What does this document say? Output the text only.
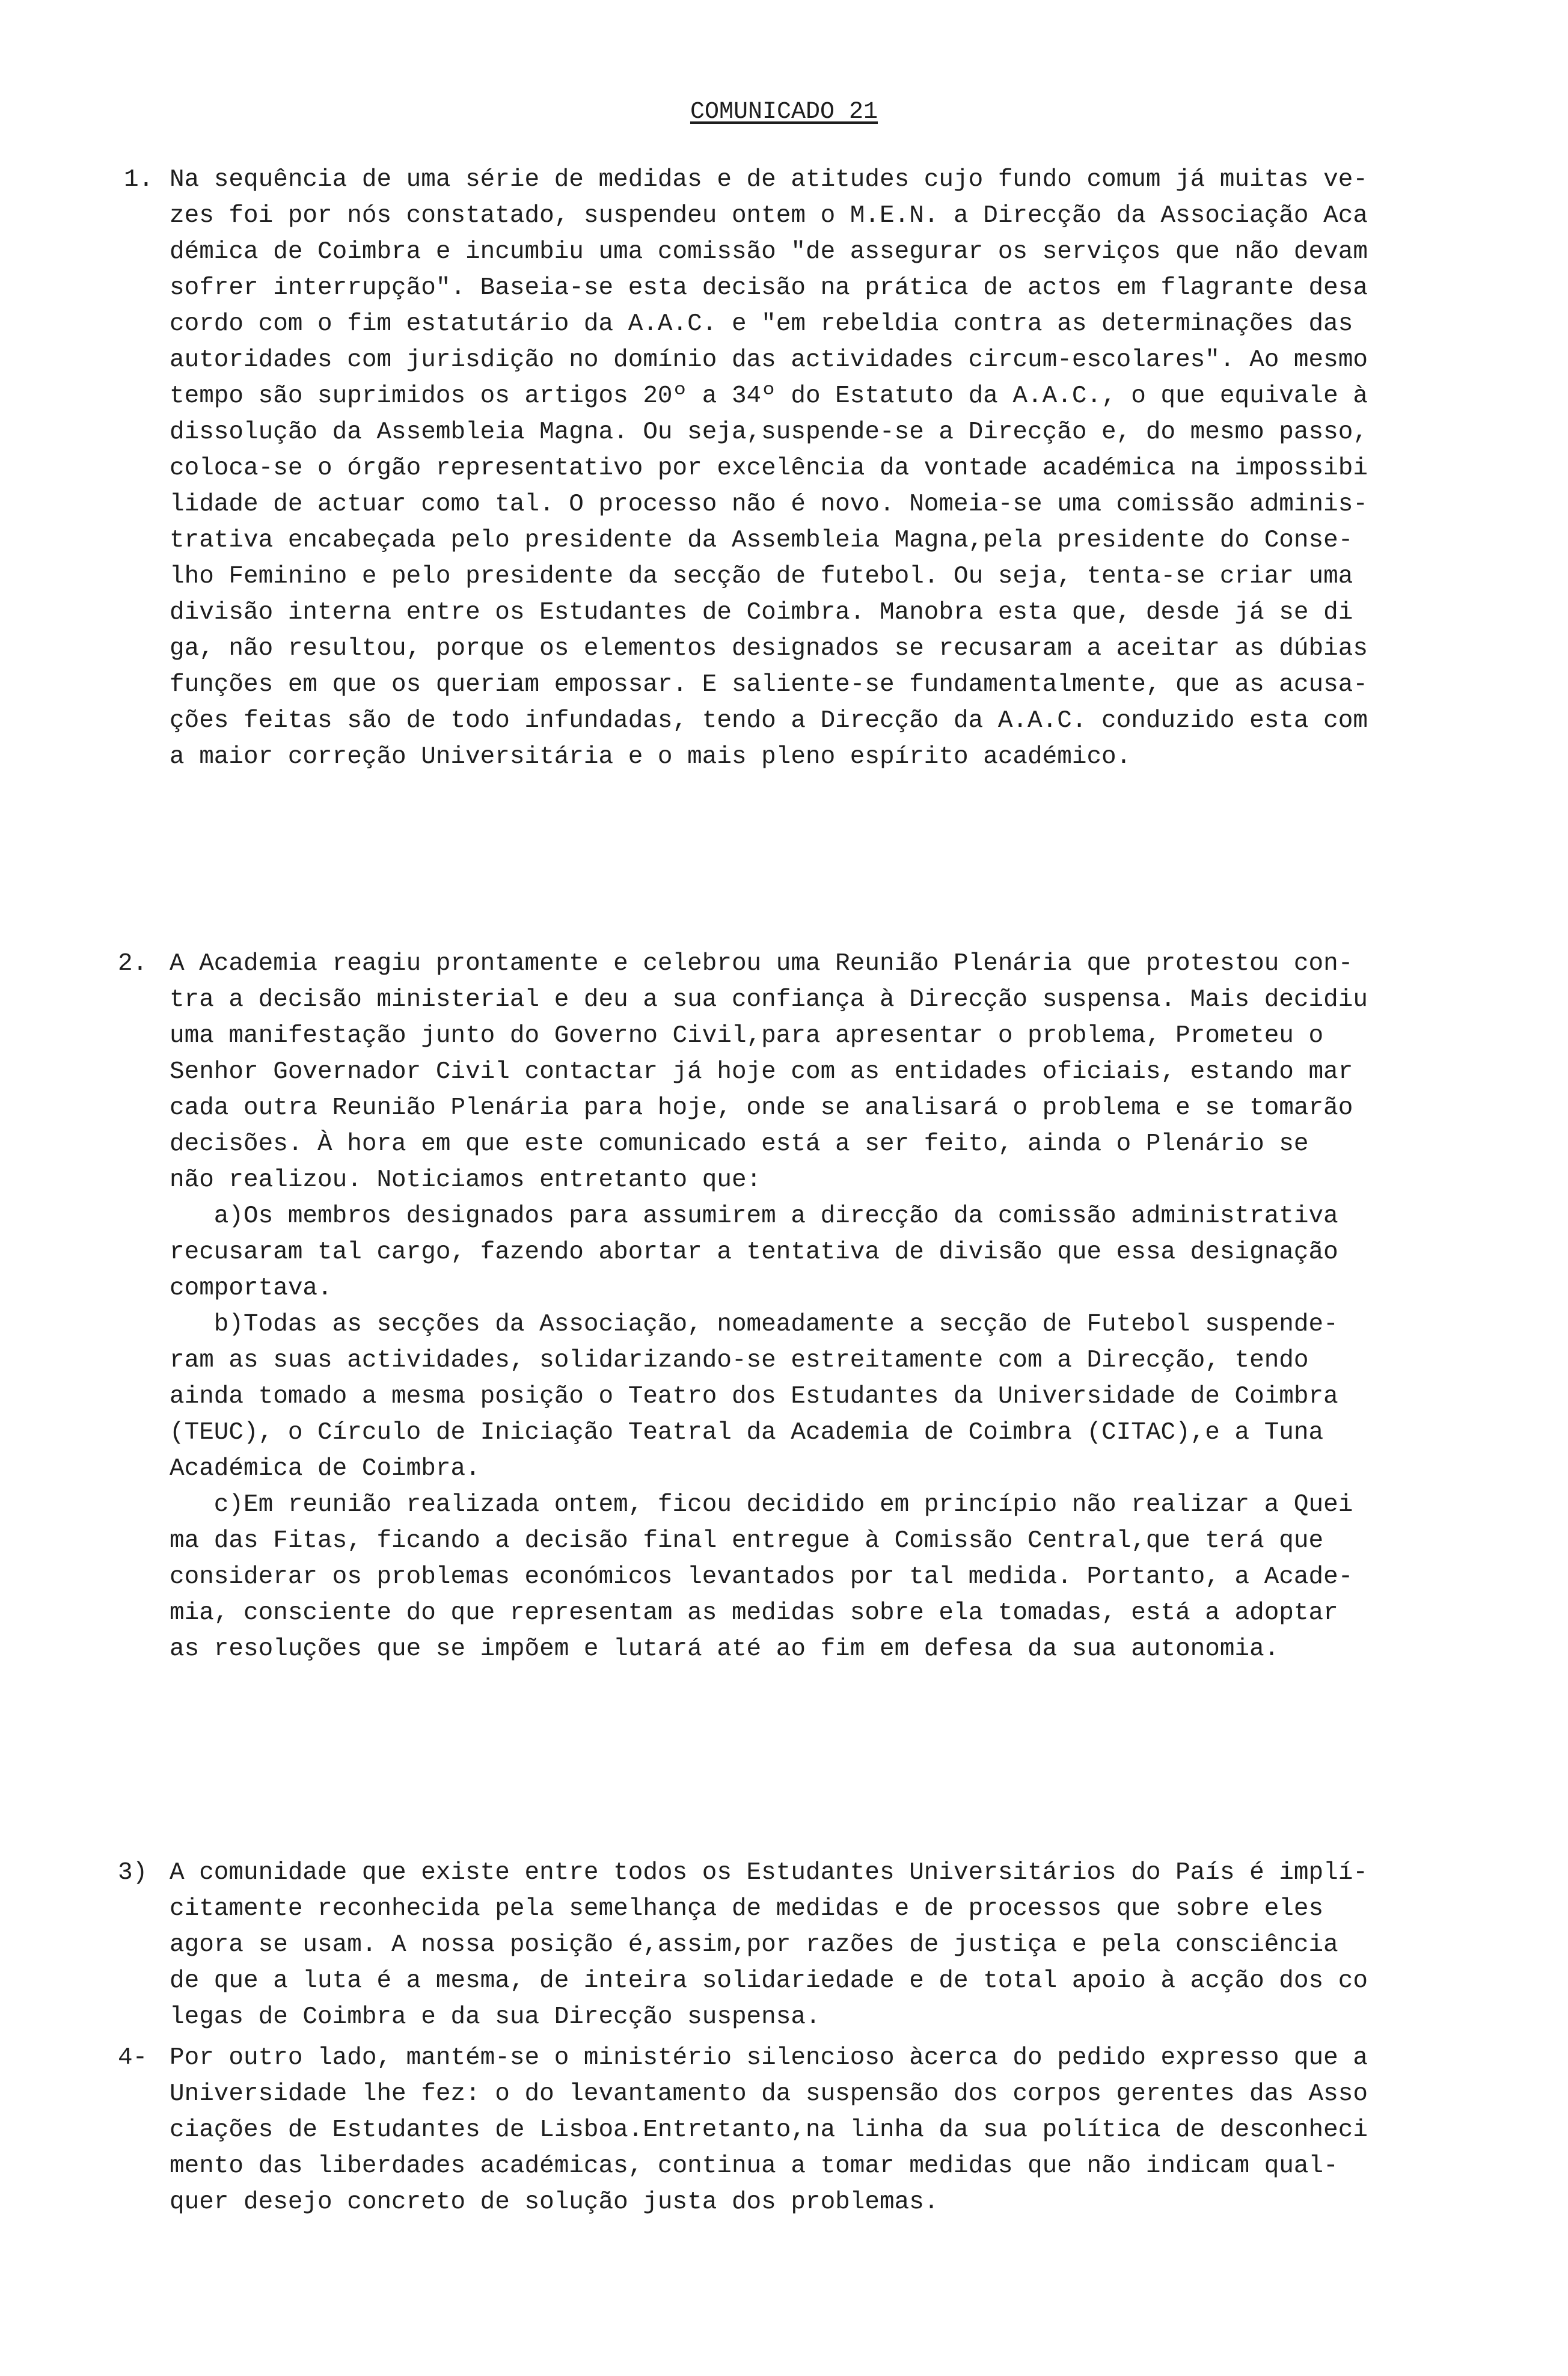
COMUNICADO 21
1. Na sequência de uma série de medidas e de atitudes cujo fundo comum já muitas ve-
zes foi por nós constatado, suspendeu ontem o M.E.N. a Direcção da Associação Aca
démica de Coimbra e incumbiu uma comissão "de assegurar os serviços que não devam
sofrer interrupção". Baseia-se esta decisão na prática de actos em flagrante desa
cordo com o fim estatutário da A.A.C. e "em rebeldia contra as determinações das
autoridades com jurisdição no domínio das actividades circum-escolares". Ao mesmo
tempo são suprimidos os artigos 20º a 34º do Estatuto da A.A.C., o que equivale à
dissolução da Assembleia Magna. Ou seja,suspende-se a Direcção e, do mesmo passo,
coloca-se o órgão representativo por excelência da vontade académica na impossibi
lidade de actuar como tal. O processo não é novo. Nomeia-se uma comissão adminis-
trativa encabeçada pelo presidente da Assembleia Magna,pela presidente do Conse-
lho Feminino e pelo presidente da secção de futebol. Ou seja, tenta-se criar uma
divisão interna entre os Estudantes de Coimbra. Manobra esta que, desde já se di
ga, não resultou, porque os elementos designados se recusaram a aceitar as dúbias
funções em que os queriam empossar. E saliente-se fundamentalmente, que as acusa-
ções feitas são de todo infundadas, tendo a Direcção da A.A.C. conduzido esta com
a maior correção Universitária e o mais pleno espírito académico.
2. A Academia reagiu prontamente e celebrou uma Reunião Plenária que protestou con-
tra a decisão ministerial e deu a sua confiança à Direcção suspensa. Mais decidiu
uma manifestação junto do Governo Civil,para apresentar o problema, Prometeu o
Senhor Governador Civil contactar já hoje com as entidades oficiais, estando mar
cada outra Reunião Plenária para hoje, onde se analisará o problema e se tomarão
decisões. À hora em que este comunicado está a ser feito, ainda o Plenário se
não realizou. Noticiamos entretanto que:
a)Os membros designados para assumirem a direcção da comissão administrativa
recusaram tal cargo, fazendo abortar a tentativa de divisão que essa designação
comportava.
b)Todas as secções da Associação, nomeadamente a secção de Futebol suspende-
ram as suas actividades, solidarizando-se estreitamente com a Direcção, tendo
ainda tomado a mesma posição o Teatro dos Estudantes da Universidade de Coimbra
(TEUC), o Círculo de Iniciação Teatral da Academia de Coimbra (CITAC),e a Tuna
Académica de Coimbra.
c)Em reunião realizada ontem, ficou decidido em princípio não realizar a Quei
ma das Fitas, ficando a decisão final entregue à Comissão Central,que terá que
considerar os problemas económicos levantados por tal medida. Portanto, a Acade-
mia, consciente do que representam as medidas sobre ela tomadas, está a adoptar
as resoluções que se impõem e lutará até ao fim em defesa da sua autonomia.
3) A comunidade que existe entre todos os Estudantes Universitários do País é implí-
citamente reconhecida pela semelhança de medidas e de processos que sobre eles
agora se usam. A nossa posição é,assim,por razões de justiça e pela consciência
de que a luta é a mesma, de inteira solidariedade e de total apoio à acção dos co
legas de Coimbra e da sua Direcção suspensa.
4- Por outro lado, mantém-se o ministério silencioso àcerca do pedido expresso que a
Universidade lhe fez: o do levantamento da suspensão dos corpos gerentes das Asso
ciações de Estudantes de Lisboa.Entretanto,na linha da sua política de desconheci
mento das liberdades académicas, continua a tomar medidas que não indicam qual-
quer desejo concreto de solução justa dos problemas.
